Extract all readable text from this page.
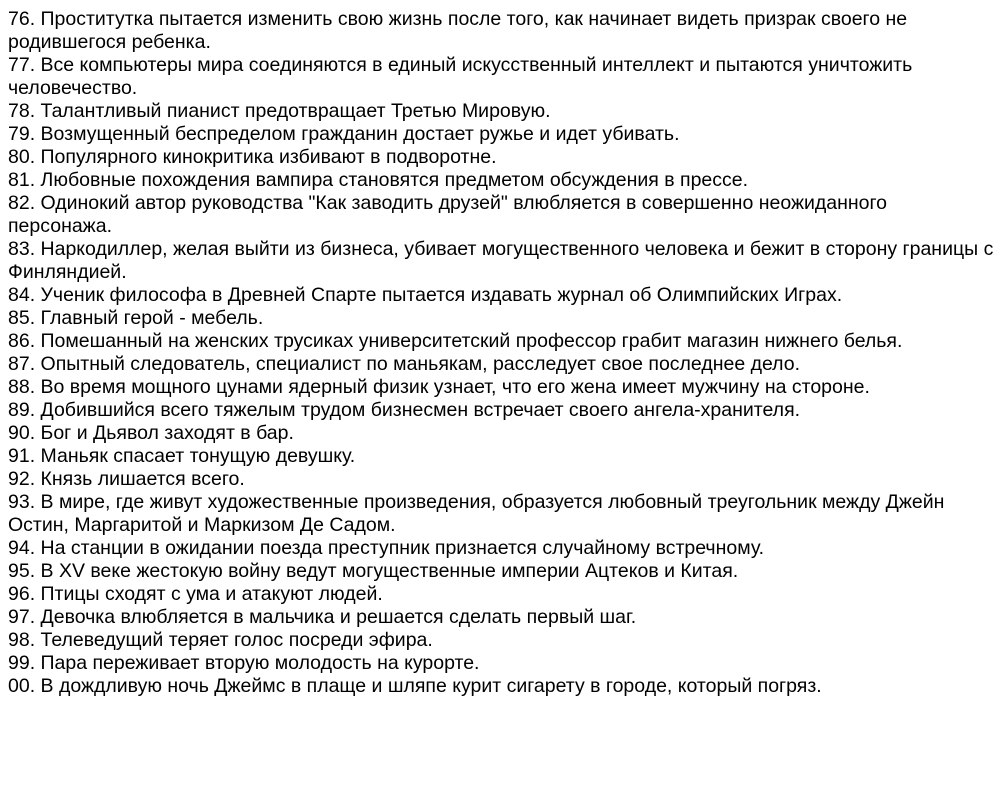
76. Проститутка пытается изменить свою жизнь после того, как начинает видеть призрак своего не родившегося ребенка.
77. Все компьютеры мира соединяются в единый искусственный интеллект и пытаются уничтожить человечество.
78. Талантливый пианист предотвращает Третью Мировую.
79. Возмущенный беспределом гражданин достает ружье и идет убивать.
80. Популярного кинокритика избивают в подворотне.
81. Любовные похождения вампира становятся предметом обсуждения в прессе.
82. Одинокий автор руководства "Как заводить друзей" влюбляется в совершенно неожиданного персонажа.
83. Наркодиллер, желая выйти из бизнеса, убивает могущественного человека и бежит в сторону границы с Финляндией.
84. Ученик философа в Древней Спарте пытается издавать журнал об Олимпийских Играх.
85. Главный герой - мебель.
86. Помешанный на женских трусиках университетский профессор грабит магазин нижнего белья.
87. Опытный следователь, специалист по маньякам, расследует свое последнее дело.
88. Во время мощного цунами ядерный физик узнает, что его жена имеет мужчину на стороне.
89. Добившийся всего тяжелым трудом бизнесмен встречает своего ангела-хранителя.
90. Бог и Дьявол заходят в бар.
91. Маньяк спасает тонущую девушку.
92. Князь лишается всего.
93. В мире, где живут художественные произведения, образуется любовный треугольник между Джейн Остин, Маргаритой и Маркизом Де Садом.
94. На станции в ожидании поезда преступник признается случайному встречному.
95. В XV веке жестокую войну ведут могущественные империи Ацтеков и Китая.
96. Птицы сходят с ума и атакуют людей.
97. Девочка влюбляется в мальчика и решается сделать первый шаг.
98. Телеведущий теряет голос посреди эфира.
99. Пара переживает вторую молодость на курорте.
00. В дождливую ночь Джеймс в плаще и шляпе курит сигарету в городе, который погряз.
